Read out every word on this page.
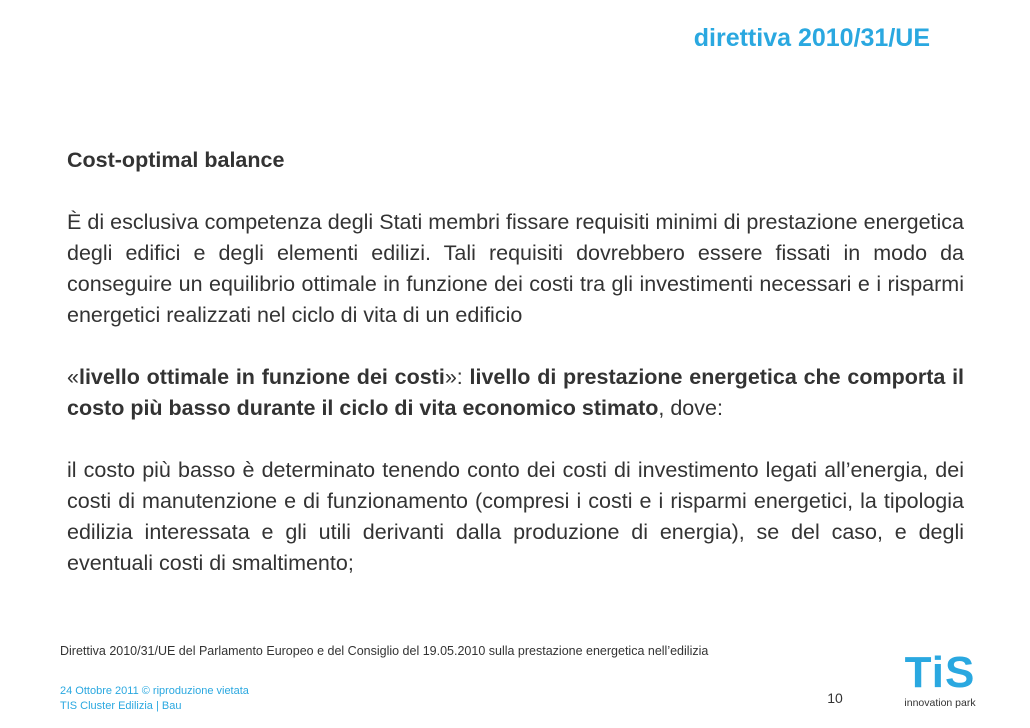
direttiva 2010/31/UE

Cost-optimal balance

È di esclusiva competenza degli Stati membri fissare requisiti minimi di prestazione energetica degli edifici e degli elementi edilizi. Tali requisiti dovrebbero essere fissati in modo da conseguire un equilibrio ottimale in funzione dei costi tra gli investimenti necessari e i risparmi energetici realizzati nel ciclo di vita di un edificio

«livello ottimale in funzione dei costi»: livello di prestazione energetica che comporta il costo più basso durante il ciclo di vita economico stimato, dove:

il costo più basso è determinato tenendo conto dei costi di investimento legati all’energia, dei costi di manutenzione e di funzionamento (compresi i costi e i risparmi energetici, la tipologia edilizia interessata e gli utili derivanti dalla produzione di energia), se del caso, e degli eventuali costi di smaltimento;

Direttiva 2010/31/UE del Parlamento Europeo e del Consiglio del 19.05.2010 sulla prestazione energetica nell’edilizia
24 Ottobre 2011 © riproduzione vietata
TIS Cluster Edilizia | Bau	10
TiS
innovation park
